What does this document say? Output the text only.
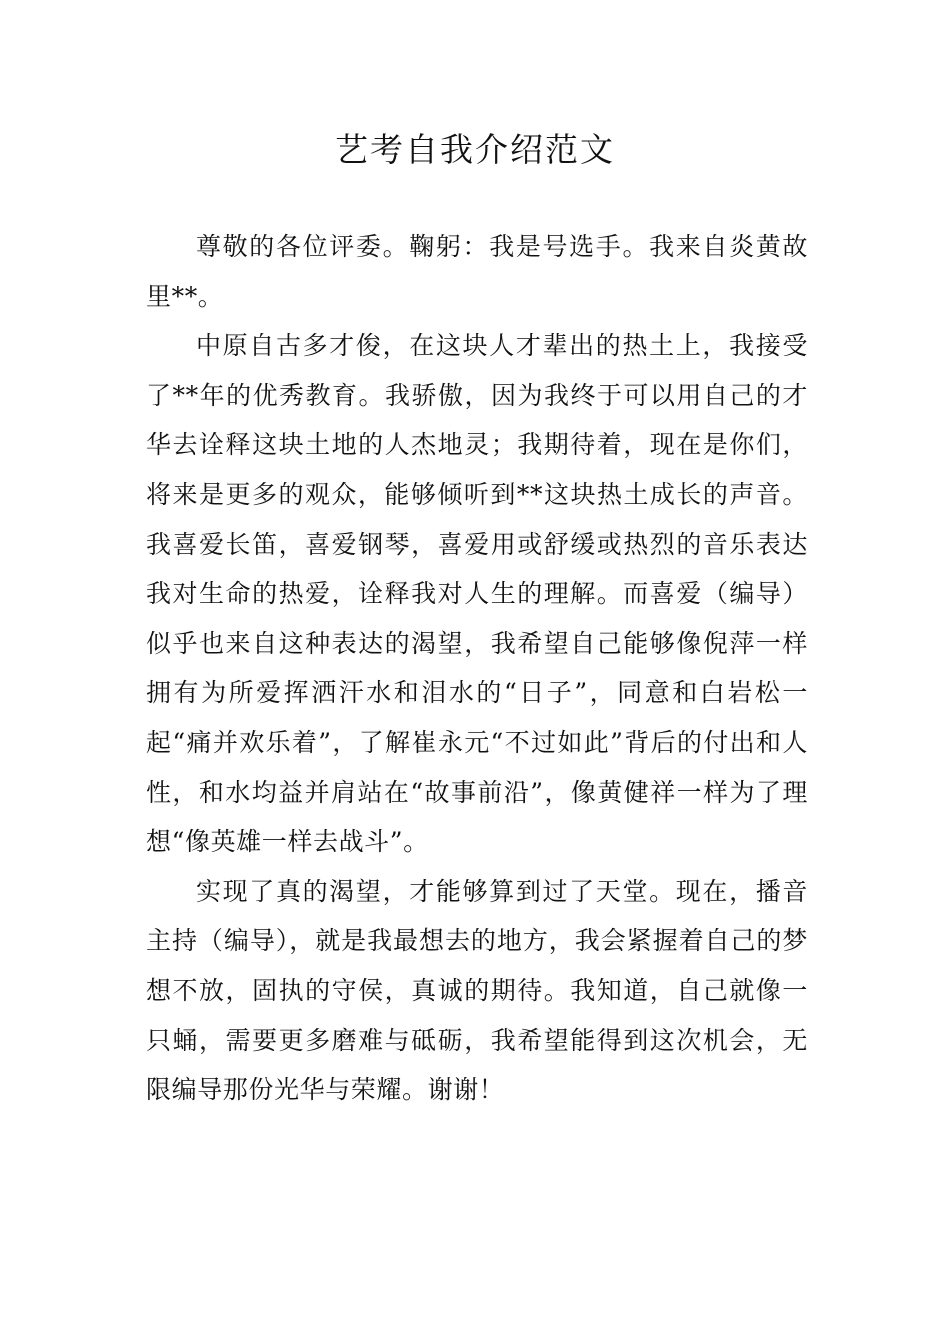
艺考自我介绍范文

尊敬的各位评委。鞠躬：我是号选手。我来自炎黄故里**。

中原自古多才俊，在这块人才辈出的热土上，我接受了**年的优秀教育。我骄傲，因为我终于可以用自己的才华去诠释这块土地的人杰地灵；我期待着，现在是你们，将来是更多的观众，能够倾听到**这块热土成长的声音。我喜爱长笛，喜爱钢琴，喜爱用或舒缓或热烈的音乐表达我对生命的热爱，诠释我对人生的理解。而喜爱（编导）似乎也来自这种表达的渴望，我希望自己能够像倪萍一样拥有为所爱挥洒汗水和泪水的“日子”，同意和白岩松一起“痛并欢乐着”，了解崔永元“不过如此”背后的付出和人性，和水均益并肩站在“故事前沿”，像黄健祥一样为了理想“像英雄一样去战斗”。

实现了真的渴望，才能够算到过了天堂。现在，播音主持（编导），就是我最想去的地方，我会紧握着自己的梦想不放，固执的守侯，真诚的期待。我知道，自己就像一只蛹，需要更多磨难与砥砺，我希望能得到这次机会，无限编导那份光华与荣耀。谢谢！
